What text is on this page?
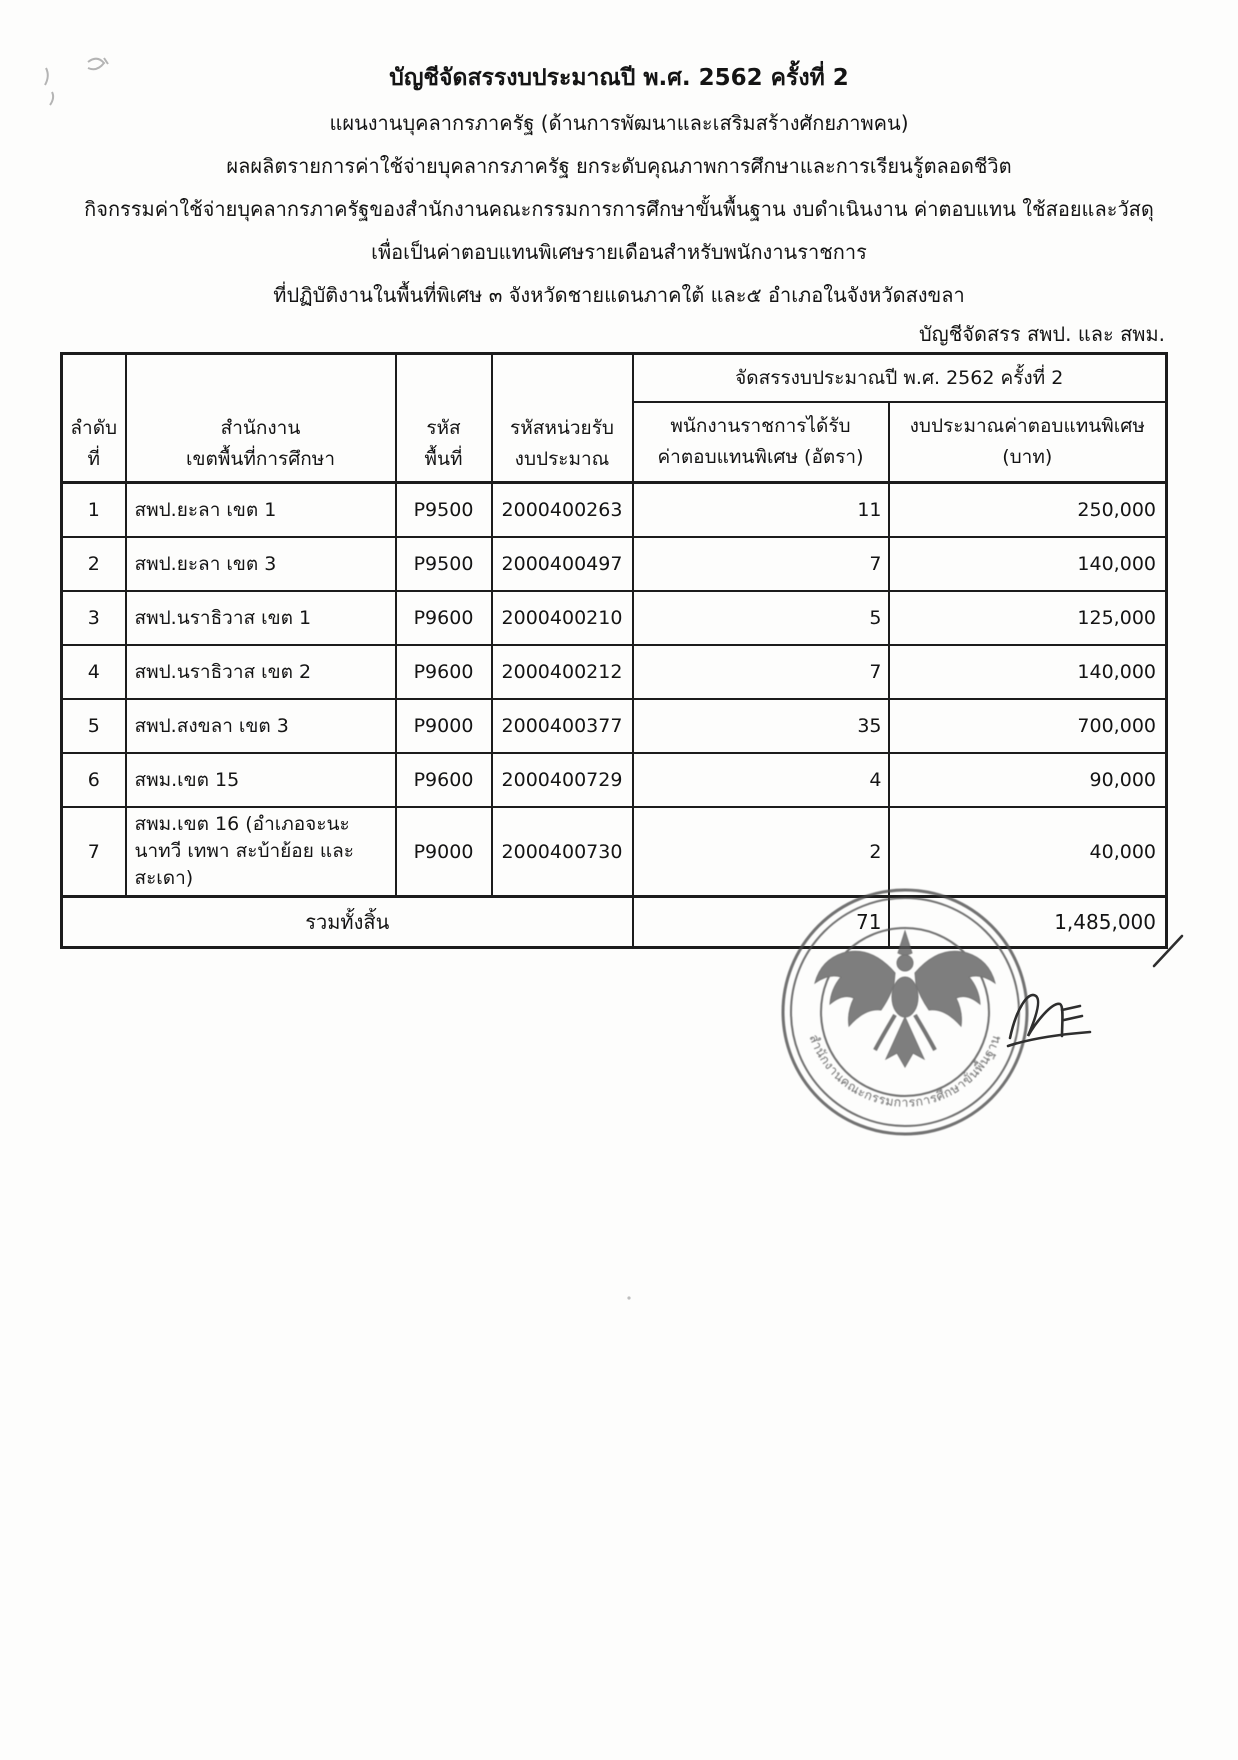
บัญชีจัดสรรงบประมาณปี พ.ศ. 2562 ครั้งที่ 2
แผนงานบุคลากรภาครัฐ (ด้านการพัฒนาและเสริมสร้างศักยภาพคน)
ผลผลิตรายการค่าใช้จ่ายบุคลากรภาครัฐ ยกระดับคุณภาพการศึกษาและการเรียนรู้ตลอดชีวิต
กิจกรรมค่าใช้จ่ายบุคลากรภาครัฐของสำนักงานคณะกรรมการการศึกษาขั้นพื้นฐาน งบดำเนินงาน ค่าตอบแทน ใช้สอยและวัสดุ
เพื่อเป็นค่าตอบแทนพิเศษรายเดือนสำหรับพนักงานราชการ
ที่ปฏิบัติงานในพื้นที่พิเศษ ๓ จังหวัดชายแดนภาคใต้ และ๕ อำเภอในจังหวัดสงขลา
บัญชีจัดสรร สพป. และ สพม.
ลำดับ
ที่

สำนักงาน
เขตพื้นที่การศึกษา

รหัส
พื้นที่

รหัสหน่วยรับ
งบประมาณ
	จัดสรรงบประมาณปี พ.ศ. 2562 ครั้งที่ 2

พนักงานราชการได้รับ
ค่าตอบแทนพิเศษ (อัตรา)

งบประมาณค่าตอบแทนพิเศษ
(บาท)

1	สพป.ยะลา เขต 1	P9500	2000400263	11	250,000
2	สพป.ยะลา เขต 3	P9500	2000400497	7	140,000
3	สพป.นราธิวาส เขต 1	P9600	2000400210	5	125,000
4	สพป.นราธิวาส เขต 2	P9600	2000400212	7	140,000
5	สพป.สงขลา เขต 3	P9000	2000400377	35	700,000
6	สพม.เขต 15	P9600	2000400729	4	90,000
7	สพม.เขต 16 (อำเภอจะนะ นาทวี เทพา สะบ้าย้อย และสะเดา)	P9000	2000400730	2	40,000
รวมทั้งสิ้น				71	1,485,000
สำนักงานคณะกรรมการการศึกษาขั้นพื้นฐาน
